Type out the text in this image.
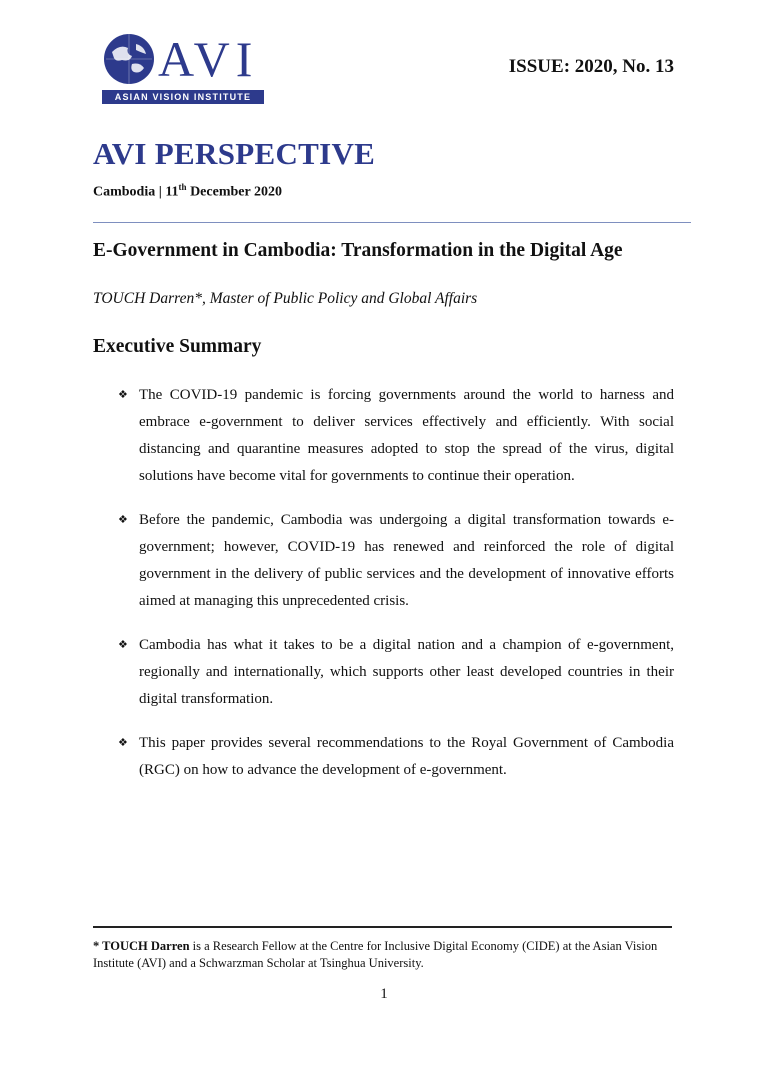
AVI
ASIAN VISION INSTITUTE
ISSUE: 2020, No. 13
AVI PERSPECTIVE
Cambodia | 11th December 2020
E-Government in Cambodia: Transformation in the Digital Age
TOUCH Darren*, Master of Public Policy and Global Affairs
Executive Summary
❖ The COVID-19 pandemic is forcing governments around the world to harness and embrace e-government to deliver services effectively and efficiently. With social distancing and quarantine measures adopted to stop the spread of the virus, digital solutions have become vital for governments to continue their operation.
❖ Before the pandemic, Cambodia was undergoing a digital transformation towards e-government; however, COVID-19 has renewed and reinforced the role of digital government in the delivery of public services and the development of innovative efforts aimed at managing this unprecedented crisis.
❖ Cambodia has what it takes to be a digital nation and a champion of e-government, regionally and internationally, which supports other least developed countries in their digital transformation.
❖ This paper provides several recommendations to the Royal Government of Cambodia (RGC) on how to advance the development of e-government.
* TOUCH Darren is a Research Fellow at the Centre for Inclusive Digital Economy (CIDE) at the Asian Vision Institute (AVI) and a Schwarzman Scholar at Tsinghua University.
1
